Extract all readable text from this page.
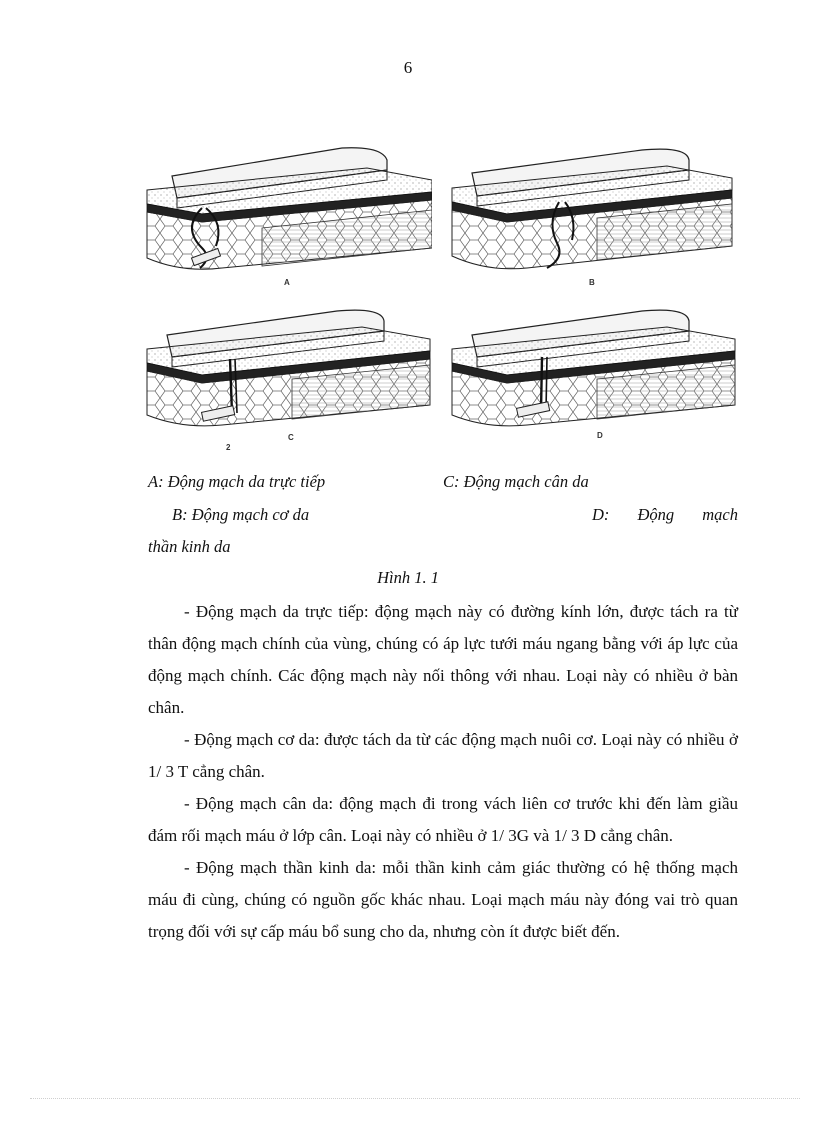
6
A	B
2
C	D
A: Động mạch da trực tiếp	C: Động mạch cân da
B: Động mạch cơ da	D: Động mạch
thần kinh da
Hình 1. 1

- Động mạch da trực tiếp: động mạch này có đường kính lớn, được tách ra từ thân động mạch chính của vùng, chúng có áp lực tưới máu ngang bằng với áp lực của động mạch chính. Các động mạch này nối thông với nhau. Loại này có nhiều ở bàn chân.

- Động mạch cơ da: được tách da từ các động mạch nuôi cơ. Loại này có nhiều ở 1/ 3 T cẳng chân.

- Động mạch cân da: động mạch đi trong vách liên cơ trước khi đến làm giầu đám rối mạch máu ở lớp cân. Loại này có nhiều ở 1/ 3G và 1/ 3 D cẳng chân.

- Động mạch thần kinh da: mỗi thần kinh cảm giác thường có hệ thống mạch máu đi cùng, chúng có nguồn gốc khác nhau. Loại mạch máu này đóng vai trò quan trọng đối với sự cấp máu bổ sung cho da, nhưng còn ít được biết đến.
